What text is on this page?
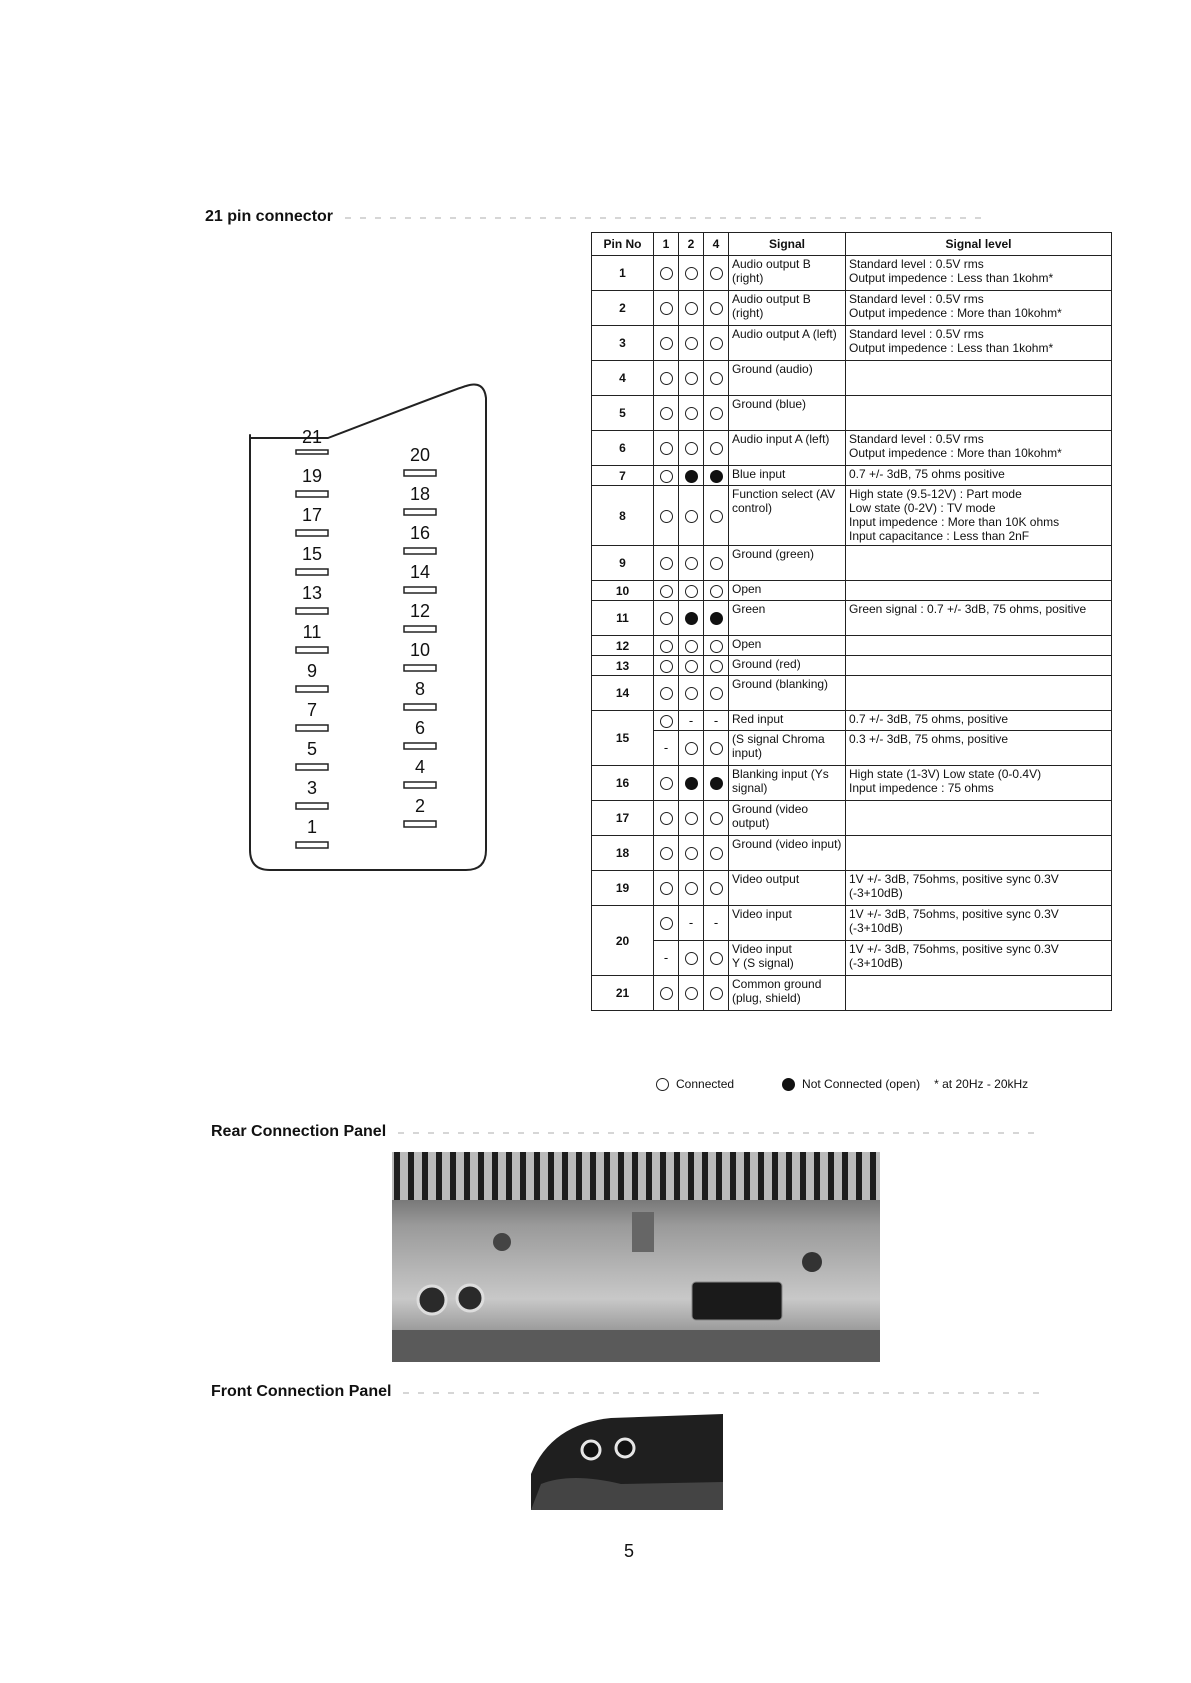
21 pin connector
21
19
17
15
13
11
9
7
5
3
1
20
18
16
14
12
10
8
6
4
2
Pin No	1	2	4	Signal	Signal level
1				Audio output B (right)	Standard level : 0.5V rms
Output impedence : Less than 1kohm*
2				Audio output B (right)	Standard level : 0.5V rms
Output impedence : More than 10kohm*
3				Audio output A (left)	Standard level : 0.5V rms
Output impedence : Less than 1kohm*
4				Ground (audio)	
5				Ground (blue)	
6				Audio input A (left)	Standard level : 0.5V rms
Output impedence : More than 10kohm*
7				Blue input	0.7 +/- 3dB, 75 ohms positive
8				Function select (AV control)	High state (9.5-12V) : Part mode
Low state (0-2V) : TV mode
Input impedence : More than 10K ohms
Input capacitance : Less than 2nF
9				Ground (green)	
10				Open	
11				Green	Green signal : 0.7 +/- 3dB, 75 ohms, positive
12				Open	
13				Ground (red)	
14				Ground (blanking)	
15		-	-	Red input	0.7 +/- 3dB, 75 ohms, positive
	-			(S signal Chroma input)	0.3 +/- 3dB, 75 ohms, positive
16				Blanking input (Ys signal)	High state (1-3V) Low state (0-0.4V)
Input impedence : 75 ohms
17				Ground (video output)	
18				Ground (video input)	
19				Video output	1V +/- 3dB, 75ohms, positive sync 0.3V (-3+10dB)
20		-	-	Video input	1V +/- 3dB, 75ohms, positive sync 0.3V (-3+10dB)
	-			Video input
Y (S signal)	1V +/- 3dB, 75ohms, positive sync 0.3V (-3+10dB)
21				Common ground (plug, shield)	
Connected	Not Connected (open) * at 20Hz - 20kHz
Rear Connection Panel
Front Connection Panel
5
